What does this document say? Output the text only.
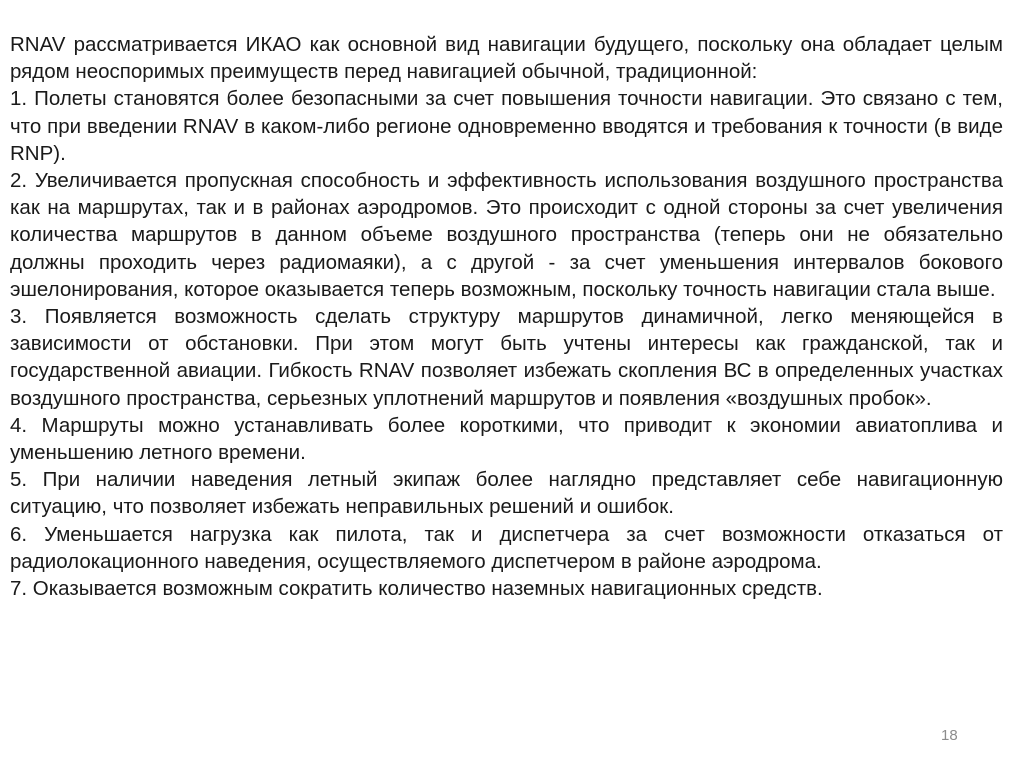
RNAV рассматривается ИКАО как основной вид навигации будущего, поскольку она обладает целым рядом неоспоримых преимуществ перед навигацией обычной, традиционной:

1. Полеты становятся более безопасными за счет повышения точности навигации. Это связано с тем, что при введении RNAV в каком-либо регионе одновременно вводятся и требования к точности (в виде RNP).

2. Увеличивается пропускная способность и эффективность использования воздушного пространства как на маршрутах, так и в районах аэродромов. Это происходит с одной стороны за счет увеличения количества маршрутов в данном объеме воздушного пространства (теперь они не обязательно должны проходить через радиомаяки), а с другой - за счет уменьшения интервалов бокового эшелонирования, которое оказывается теперь возможным, поскольку точность навигации стала выше.

3. Появляется возможность сделать структуру маршрутов динамичной, легко меняющейся в зависимости от обстановки. При этом могут быть учтены интересы как гражданской, так и государственной авиации. Гибкость RNAV позволяет избежать скопления ВС в определенных участках воздушного пространства, серьезных уплотнений маршрутов и появления «воздушных пробок».

4. Маршруты можно устанавливать более короткими, что приводит к экономии авиатоплива и уменьшению летного времени.

5. При наличии наведения летный экипаж более наглядно представляет себе навигационную ситуацию, что позволяет избежать неправильных решений и ошибок.

6. Уменьшается нагрузка как пилота, так и диспетчера за счет возможности отказаться от радиолокационного наведения, осуществляемого диспетчером в районе аэродрома.

7. Оказывается возможным сократить количество наземных навигационных средств.

18
